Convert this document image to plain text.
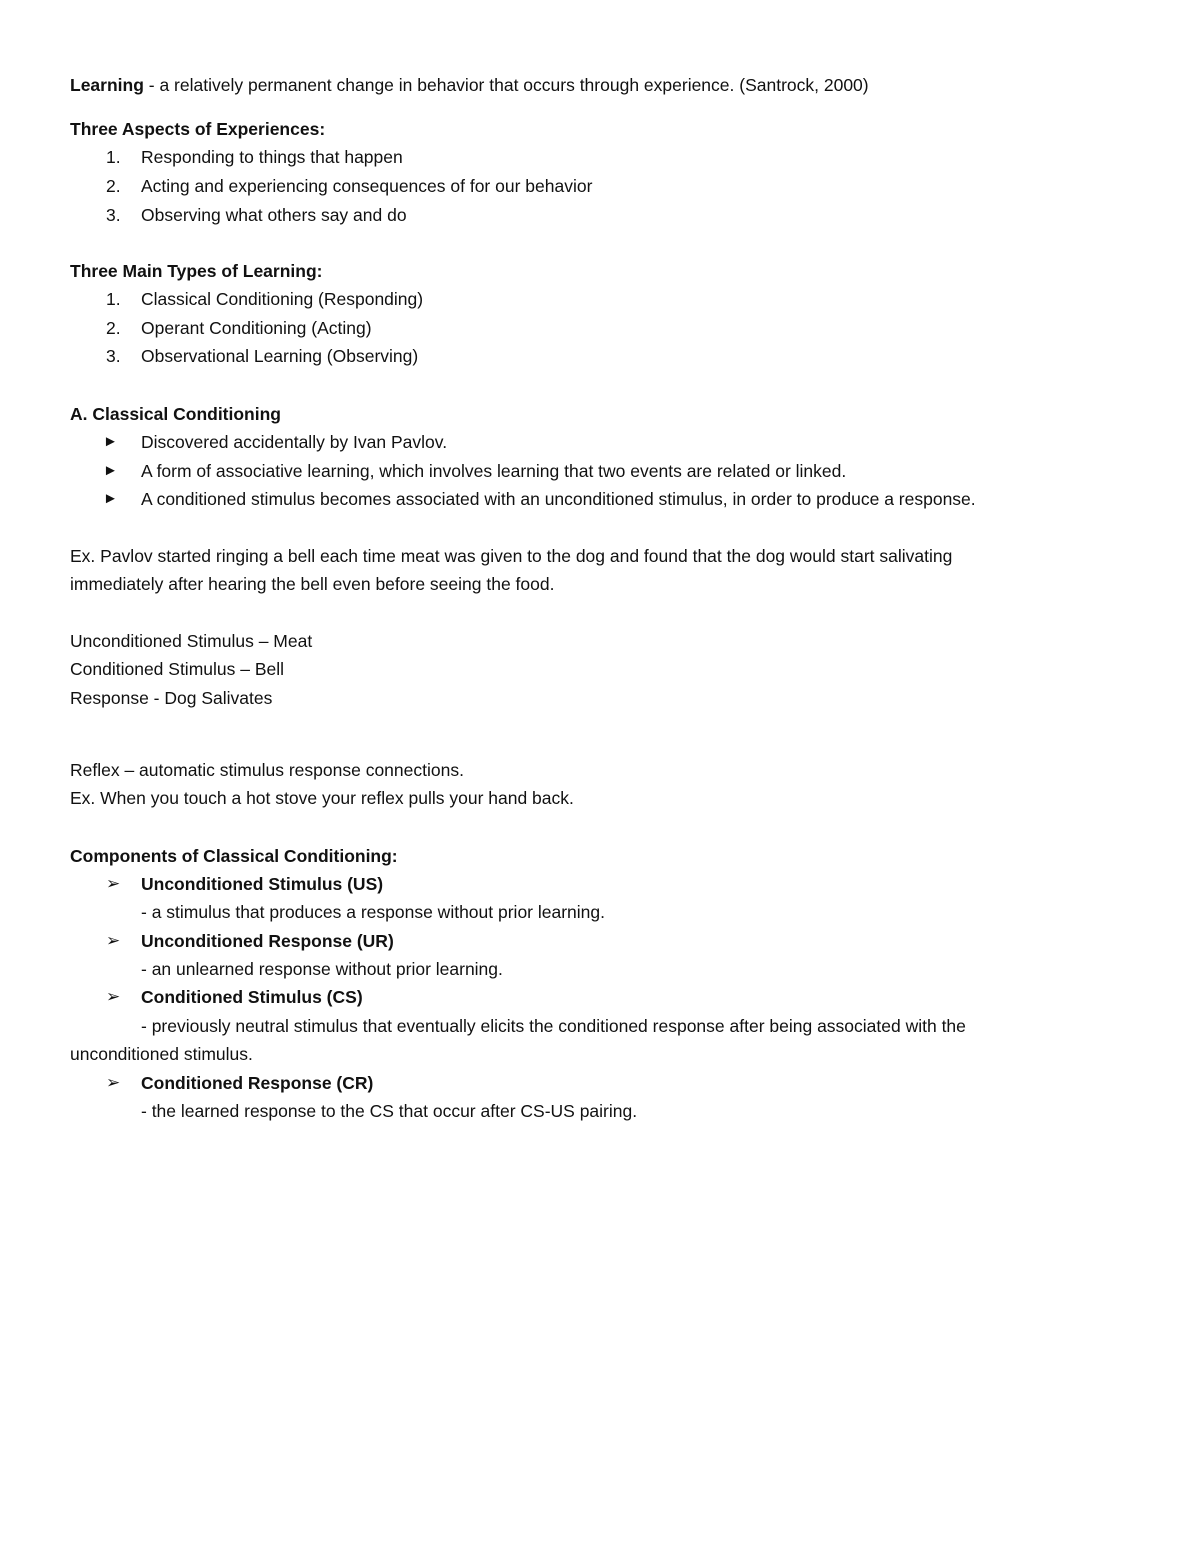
Learning - a relatively permanent change in behavior that occurs through experience. (Santrock, 2000)
Three Aspects of Experiences:
1.	Responding to things that happen
2.	Acting and experiencing consequences of for our behavior
3.	Observing what others say and do
Three Main Types of Learning:
1.	Classical Conditioning (Responding)
2.	Operant Conditioning (Acting)
3.	Observational Learning (Observing)
A. Classical Conditioning
► Discovered accidentally by Ivan Pavlov.
► A form of associative learning, which involves learning that two events are related or linked.
► A conditioned stimulus becomes associated with an unconditioned stimulus, in order to produce a response.
Ex. Pavlov started ringing a bell each time meat was given to the dog and found that the dog would start salivating
immediately after hearing the bell even before seeing the food.
Unconditioned Stimulus – Meat
Conditioned Stimulus – Bell
Response - Dog Salivates
Reflex – automatic stimulus response connections.
Ex. When you touch a hot stove your reflex pulls your hand back.
Components of Classical Conditioning:
➢ Unconditioned Stimulus (US)
- a stimulus that produces a response without prior learning.
➢ Unconditioned Response (UR)
- an unlearned response without prior learning.
➢ Conditioned Stimulus (CS)
- previously neutral stimulus that eventually elicits the conditioned response after being associated with the
unconditioned stimulus.
➢ Conditioned Response (CR)
- the learned response to the CS that occur after CS-US pairing.
